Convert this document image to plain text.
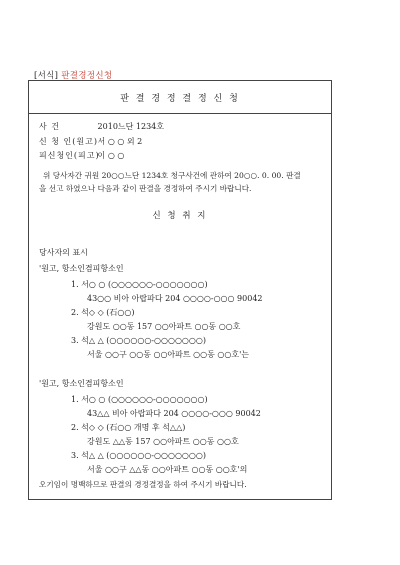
[서식] 판결경정신청
판 결 경 정 결 정 신 청
사 건	2010느단 1234호
신 청 인(원고) 서 ○ ○ 외 2
피신청인(피고) 이 ○ ○
위 당사자간 귀원 20○○느단 1234호 청구사건에 관하여 20○○. 0. 00. 판결
을 선고 하였으나 다음과 같이 판결을 경정하여 주시기 바랍니다.
신 청 취 지
당사자의 표시
'원고, 항소인겸피항소인
1. 서○ ○ (○○○○○○-○○○○○○○)
43○○ 비아 아랍파다 204 ○○○○-○○○ 90042
2. 석◇ ◇ (石○○)
강원도 ○○동 157 ○○아파트 ○○동 ○○호
3. 석△ △ (○○○○○○-○○○○○○○)
서울 ○○구 ○○동 ○○아파트 ○○동 ○○호'는
'원고, 항소인겸피항소인
1. 서○ ○ (○○○○○○-○○○○○○○)
43△△ 비아 아랍파다 204 ○○○○-○○○ 90042
2. 석◇ ◇ (石○○ 개명 후 석△△)
강원도 △△동 157 ○○아파트 ○○동 ○○호
3. 석△ △ (○○○○○○-○○○○○○○)
서울 ○○구 △△동 ○○아파트 ○○동 ○○호'의
오기임이 명백하므로 판결의 경정결정을 하여 주시기 바랍니다.
